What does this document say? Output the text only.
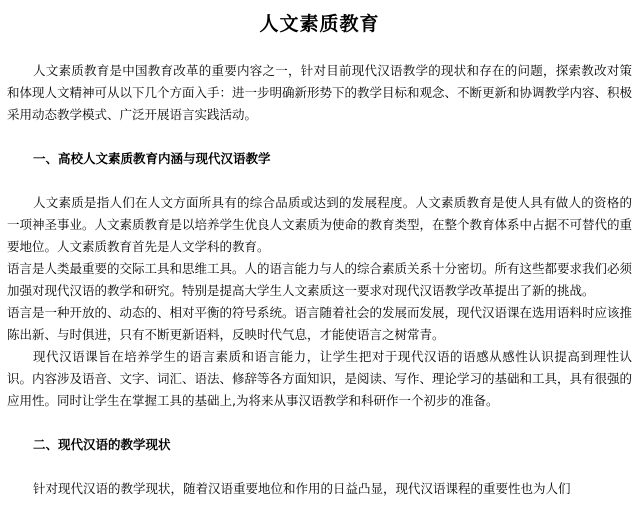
人文素质教育

人文素质教育是中国教育改革的重要内容之一，针对目前现代汉语教学的现状和存在的问题，探索教改对策和体现人文精神可从以下几个方面入手：进一步明确新形势下的教学目标和观念、不断更新和协调教学内容、积极采用动态教学模式、广泛开展语言实践活动。

一、高校人文素质教育内涵与现代汉语教学

人文素质是指人们在人文方面所具有的综合品质或达到的发展程度。人文素质教育是使人具有做人的资格的一项神圣事业。人文素质教育是以培养学生优良人文素质为使命的教育类型，在整个教育体系中占据不可替代的重要地位。人文素质教育首先是人文学科的教育。

语言是人类最重要的交际工具和思维工具。人的语言能力与人的综合素质关系十分密切。所有这些都要求我们必须加强对现代汉语的教学和研究。特别是提高大学生人文素质这一要求对现代汉语教学改革提出了新的挑战。

语言是一种开放的、动态的、相对平衡的符号系统。语言随着社会的发展而发展，现代汉语课在选用语料时应该推陈出新、与时俱进，只有不断更新语料，反映时代气息，才能使语言之树常青。

现代汉语课旨在培养学生的语言素质和语言能力，让学生把对于现代汉语的语感从感性认识提高到理性认识。内容涉及语音、文字、词汇、语法、修辞等各方面知识，是阅读、写作、理论学习的基础和工具，具有很强的应用性。同时让学生在掌握工具的基础上,为将来从事汉语教学和科研作一个初步的准备。

二、现代汉语的教学现状

针对现代汉语的教学现状，随着汉语重要地位和作用的日益凸显，现代汉语课程的重要性也为人们
